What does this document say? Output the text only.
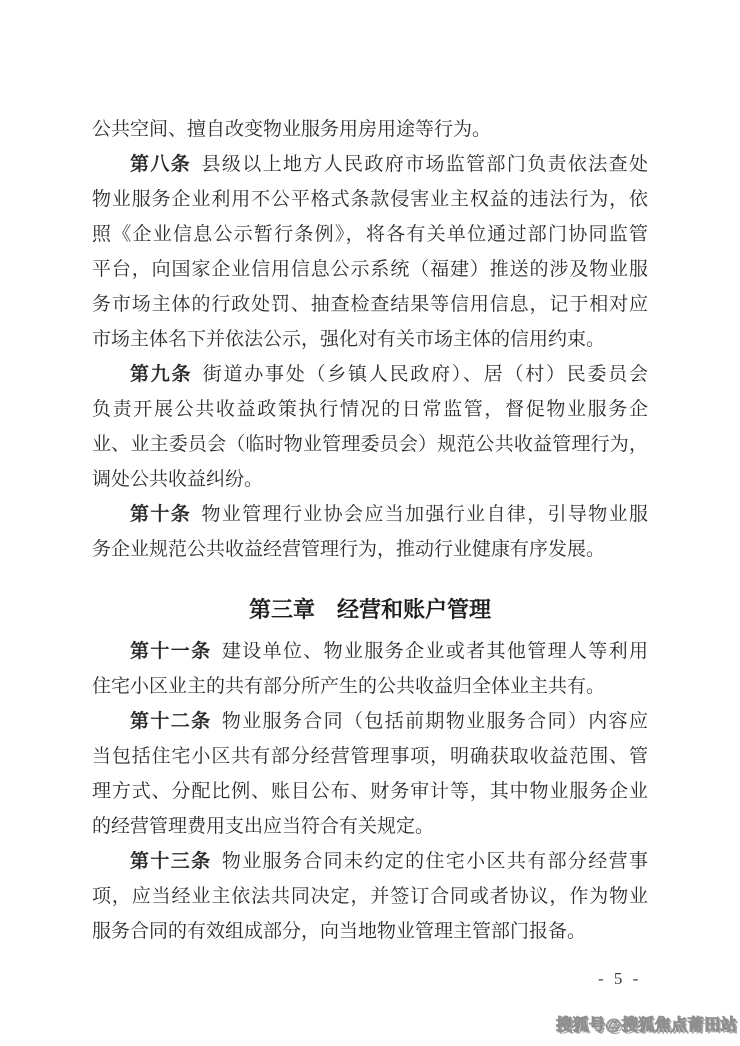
公共空间、擅自改变物业服务用房用途等行为。
第八条 县级以上地方人民政府市场监管部门负责依法查处
物业服务企业利用不公平格式条款侵害业主权益的违法行为，依
照《企业信息公示暂行条例》，将各有关单位通过部门协同监管
平台，向国家企业信用信息公示系统（福建）推送的涉及物业服
务市场主体的行政处罚、抽查检查结果等信用信息，记于相对应
市场主体名下并依法公示，强化对有关市场主体的信用约束。
第九条 街道办事处（乡镇人民政府）、居（村）民委员会
负责开展公共收益政策执行情况的日常监管，督促物业服务企
业、业主委员会（临时物业管理委员会）规范公共收益管理行为，
调处公共收益纠纷。
第十条 物业管理行业协会应当加强行业自律，引导物业服
务企业规范公共收益经营管理行为，推动行业健康有序发展。
第三章　经营和账户管理
第十一条 建设单位、物业服务企业或者其他管理人等利用
住宅小区业主的共有部分所产生的公共收益归全体业主共有。
第十二条 物业服务合同（包括前期物业服务合同）内容应
当包括住宅小区共有部分经营管理事项，明确获取收益范围、管
理方式、分配比例、账目公布、财务审计等，其中物业服务企业
的经营管理费用支出应当符合有关规定。
第十三条 物业服务合同未约定的住宅小区共有部分经营事
项，应当经业主依法共同决定，并签订合同或者协议，作为物业
服务合同的有效组成部分，向当地物业管理主管部门报备。
- 5 -
搜狐号@搜狐焦点莆田站
